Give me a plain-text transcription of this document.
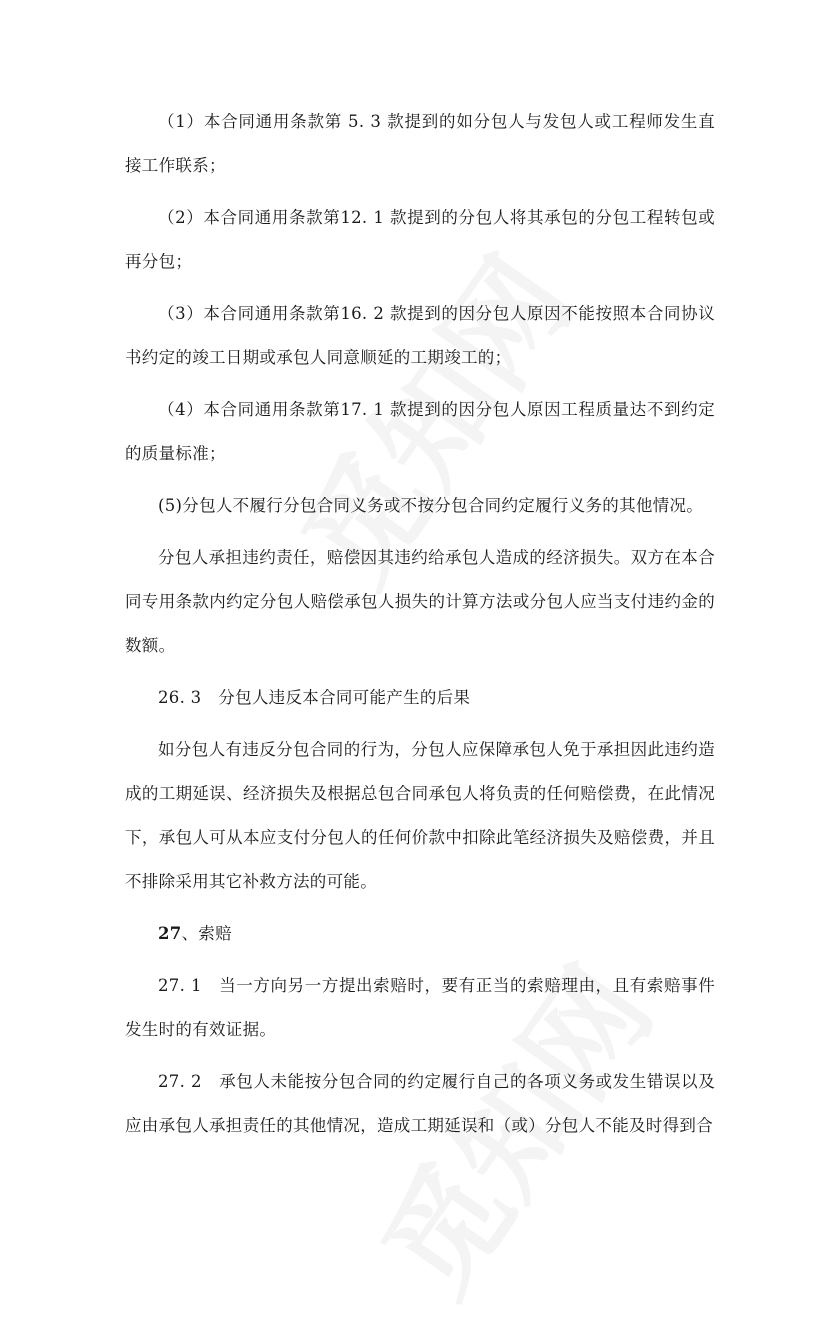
（1）本合同通用条款第 5. 3 款提到的如分包人与发包人或工程师发生直接工作联系；

（2）本合同通用条款第12. 1 款提到的分包人将其承包的分包工程转包或再分包；

（3）本合同通用条款第16. 2 款提到的因分包人原因不能按照本合同协议书约定的竣工日期或承包人同意顺延的工期竣工的；

（4）本合同通用条款第17. 1 款提到的因分包人原因工程质量达不到约定的质量标准；

(5)分包人不履行分包合同义务或不按分包合同约定履行义务的其他情况。

分包人承担违约责任，赔偿因其违约给承包人造成的经济损失。双方在本合同专用条款内约定分包人赔偿承包人损失的计算方法或分包人应当支付违约金的数额。

26. 3　分包人违反本合同可能产生的后果

如分包人有违反分包合同的行为，分包人应保障承包人免于承担因此违约造成的工期延误、经济损失及根据总包合同承包人将负责的任何赔偿费，在此情况下，承包人可从本应支付分包人的任何价款中扣除此笔经济损失及赔偿费，并且不排除采用其它补救方法的可能。

27、索赔

27. 1　当一方向另一方提出索赔时，要有正当的索赔理由，且有索赔事件发生时的有效证据。

27. 2　承包人未能按分包合同的约定履行自己的各项义务或发生错误以及应由承包人承担责任的其他情况，造成工期延误和（或）分包人不能及时得到合
